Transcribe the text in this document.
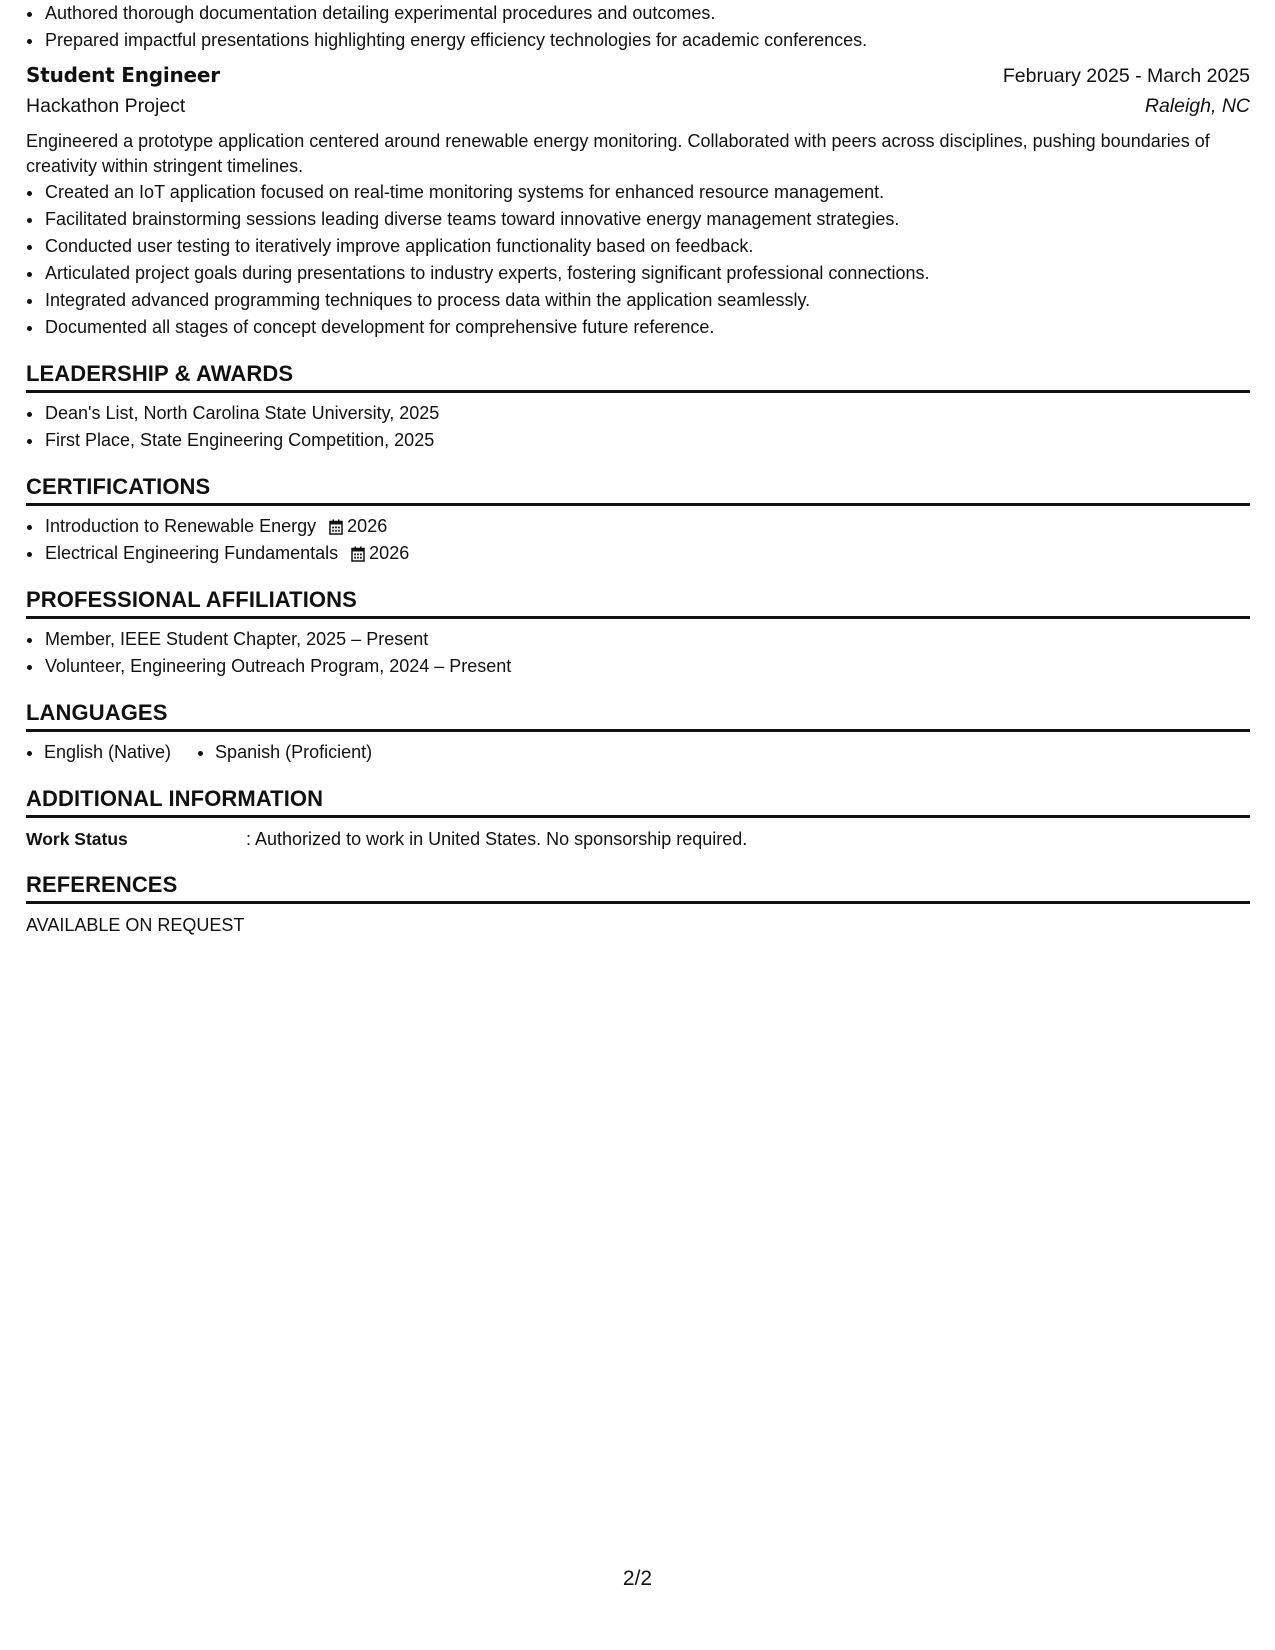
• Authored thorough documentation detailing experimental procedures and outcomes.
• Prepared impactful presentations highlighting energy efficiency technologies for academic conferences.
Student Engineer	February 2025 - March 2025
Hackathon Project	Raleigh, NC
Engineered a prototype application centered around renewable energy monitoring. Collaborated with peers across disciplines, pushing boundaries of creativity within stringent timelines.
• Created an IoT application focused on real-time monitoring systems for enhanced resource management.
• Facilitated brainstorming sessions leading diverse teams toward innovative energy management strategies.
• Conducted user testing to iteratively improve application functionality based on feedback.
• Articulated project goals during presentations to industry experts, fostering significant professional connections.
• Integrated advanced programming techniques to process data within the application seamlessly.
• Documented all stages of concept development for comprehensive future reference.
LEADERSHIP & AWARDS
• Dean's List, North Carolina State University, 2025
• First Place, State Engineering Competition, 2025
CERTIFICATIONS
• Introduction to Renewable Energy 2026
• Electrical Engineering Fundamentals 2026
PROFESSIONAL AFFILIATIONS
• Member, IEEE Student Chapter, 2025 – Present
• Volunteer, Engineering Outreach Program, 2024 – Present
LANGUAGES
• English (Native)
• Spanish (Proficient)
ADDITIONAL INFORMATION
Work Status	: Authorized to work in United States. No sponsorship required.
REFERENCES
AVAILABLE ON REQUEST
2/2
